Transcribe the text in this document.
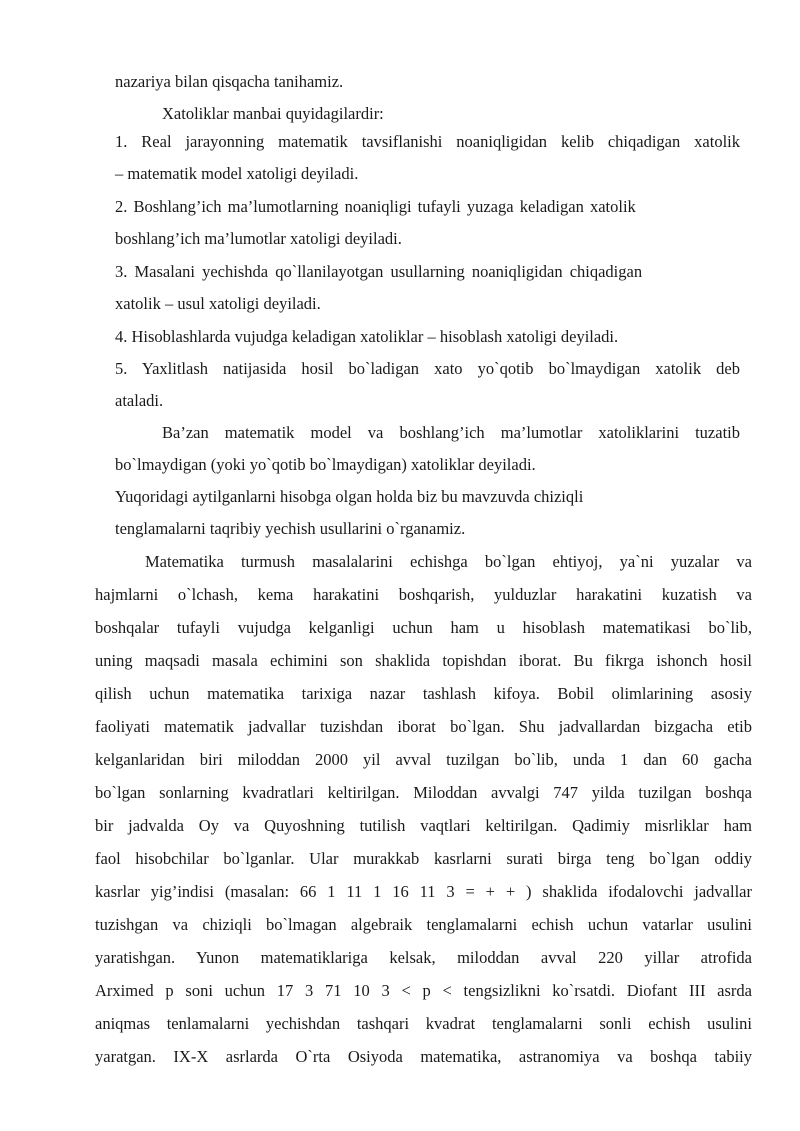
nazariya bilan qisqacha tanihamiz.
Xatoliklar manbai quyidagilardir:
1. Real jarayonning matematik tavsiflanishi noaniqligidan kelib chiqadigan xatolik
– matematik model xatoligi deyiladi.
2. Boshlang’ich ma’lumotlarning noaniqligi tufayli yuzaga keladigan xatolik
boshlang’ich ma’lumotlar xatoligi deyiladi.
3. Masalani yechishda qo`llanilayotgan usullarning noaniqligidan chiqadigan
xatolik – usul xatoligi deyiladi.
4. Hisoblashlarda vujudga keladigan xatoliklar – hisoblash xatoligi deyiladi.
5. Yaxlitlash natijasida hosil bo`ladigan xato yo`qotib bo`lmaydigan xatolik deb
ataladi.
Ba’zan matematik model va boshlang’ich ma’lumotlar xatoliklarini tuzatib
bo`lmaydigan (yoki yo`qotib bo`lmaydigan) xatoliklar deyiladi.
Yuqoridagi aytilganlarni hisobga olgan holda biz bu mavzuvda chiziqli
tenglamalarni taqribiy yechish usullarini o`rganamiz.
Matematika turmush masalalarini echishga bo`lgan ehtiyoj, ya`ni yuzalar va
hajmlarni o`lchash, kema harakatini boshqarish, yulduzlar harakatini kuzatish va
boshqalar tufayli vujudga kelganligi uchun ham u hisoblash matematikasi bo`lib,
uning maqsadi masala echimini son shaklida topishdan iborat. Bu fikrga ishonch hosil
qilish uchun matematika tarixiga nazar tashlash kifoya. Bobil olimlarining asosiy
faoliyati matematik jadvallar tuzishdan iborat bo`lgan. Shu jadvallardan bizgacha etib
kelganlaridan biri miloddan 2000 yil avval tuzilgan bo`lib, unda 1 dan 60 gacha
bo`lgan sonlarning kvadratlari keltirilgan. Miloddan avvalgi 747 yilda tuzilgan boshqa
bir jadvalda Oy va Quyoshning tutilish vaqtlari keltirilgan. Qadimiy misrliklar ham
faol hisobchilar bo`lganlar. Ular murakkab kasrlarni surati birga teng bo`lgan oddiy
kasrlar yig’indisi (masalan: 66 1 11 1 16 11 3 = + + ) shaklida ifodalovchi jadvallar
tuzishgan va chiziqli bo`lmagan algebraik tenglamalarni echish uchun vatarlar usulini
yaratishgan. Yunon matematiklariga kelsak, miloddan avval 220 yillar atrofida
Arximed p soni uchun 17 3 71 10 3 < p < tengsizlikni ko`rsatdi. Diofant III asrda
aniqmas tenlamalarni yechishdan tashqari kvadrat tenglamalarni sonli echish usulini
yaratgan. IX-X asrlarda O`rta Osiyoda matematika, astranomiya va boshqa tabiiy
